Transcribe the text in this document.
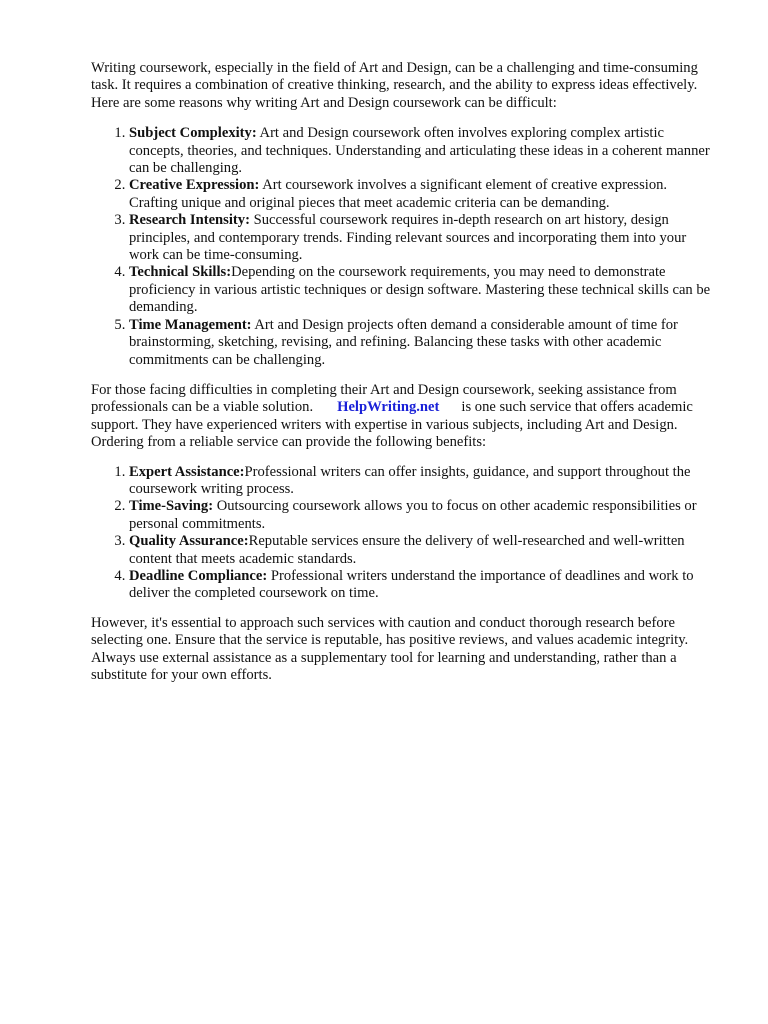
Writing coursework, especially in the field of Art and Design, can be a challenging and time-consuming task. It requires a combination of creative thinking, research, and the ability to express ideas effectively. Here are some reasons why writing Art and Design coursework can be difficult:

1. Subject Complexity: Art and Design coursework often involves exploring complex artistic concepts, theories, and techniques. Understanding and articulating these ideas in a coherent manner can be challenging.
2. Creative Expression: Art coursework involves a significant element of creative expression. Crafting unique and original pieces that meet academic criteria can be demanding.
3. Research Intensity: Successful coursework requires in-depth research on art history, design principles, and contemporary trends. Finding relevant sources and incorporating them into your work can be time-consuming.
4. Technical Skills:Depending on the coursework requirements, you may need to demonstrate proficiency in various artistic techniques or design software. Mastering these technical skills can be demanding.
5. Time Management: Art and Design projects often demand a considerable amount of time for brainstorming, sketching, revising, and refining. Balancing these tasks with other academic commitments can be challenging.

For those facing difficulties in completing their Art and Design coursework, seeking assistance from professionals can be a viable solution. HelpWriting.net is one such service that offers academic support. They have experienced writers with expertise in various subjects, including Art and Design. Ordering from a reliable service can provide the following benefits:

1. Expert Assistance:Professional writers can offer insights, guidance, and support throughout the coursework writing process.
2. Time-Saving: Outsourcing coursework allows you to focus on other academic responsibilities or personal commitments.
3. Quality Assurance:Reputable services ensure the delivery of well-researched and well-written content that meets academic standards.
4. Deadline Compliance: Professional writers understand the importance of deadlines and work to deliver the completed coursework on time.

However, it's essential to approach such services with caution and conduct thorough research before selecting one. Ensure that the service is reputable, has positive reviews, and values academic integrity. Always use external assistance as a supplementary tool for learning and understanding, rather than a substitute for your own efforts.
